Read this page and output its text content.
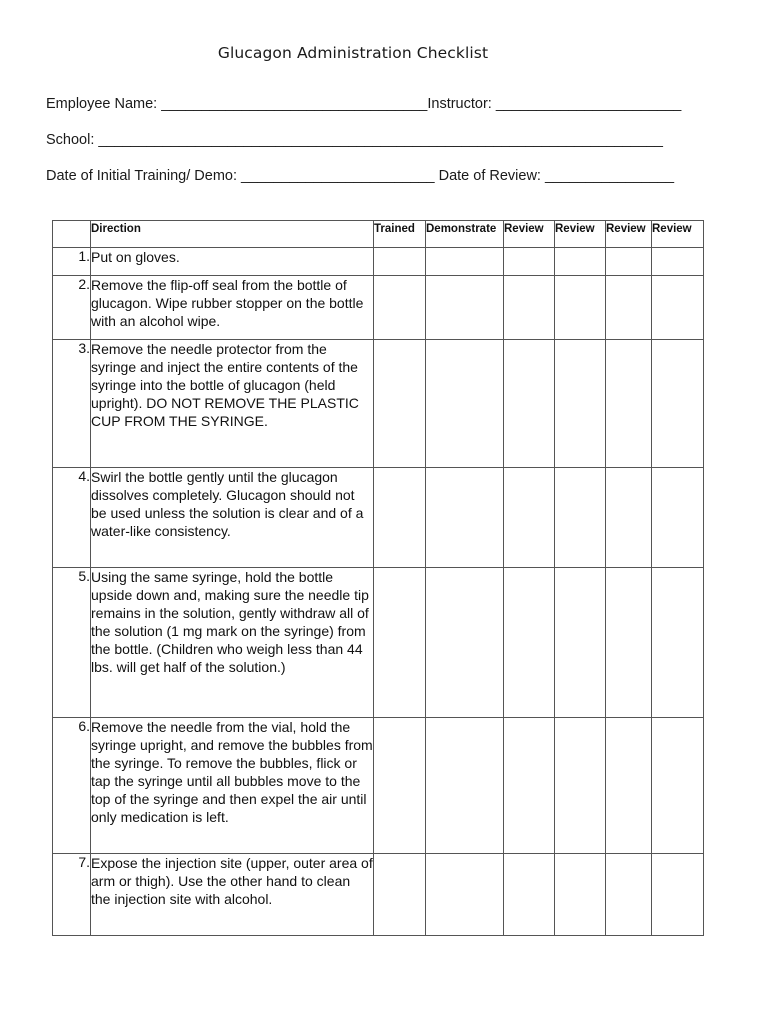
Glucagon Administration Checklist
Employee Name: _________________________________Instructor: _______________________
School: ______________________________________________________________________
Date of Initial Training/ Demo: ________________________ Date of Review: ________________
	Direction	Trained	Demonstrate	Review	Review	Review	Review
1.	Put on gloves.						
2.	Remove the flip-off seal from the bottle of glucagon. Wipe rubber stopper on the bottle with an alcohol wipe.						
3.	Remove the needle protector from the syringe and inject the entire contents of the syringe into the bottle of glucagon (held upright). DO NOT REMOVE THE PLASTIC CUP FROM THE SYRINGE.						
4.	Swirl the bottle gently until the glucagon dissolves completely. Glucagon should not be used unless the solution is clear and of a water-like consistency.						
5.	Using the same syringe, hold the bottle upside down and, making sure the needle tip remains in the solution, gently withdraw all of the solution (1 mg mark on the syringe) from the bottle. (Children who weigh less than 44 lbs. will get half of the solution.)						
6.	Remove the needle from the vial, hold the syringe upright, and remove the bubbles from the syringe. To remove the bubbles, flick or tap the syringe until all bubbles move to the top of the syringe and then expel the air until only medication is left.						
7.	Expose the injection site (upper, outer area of arm or thigh). Use the other hand to clean the injection site with alcohol.						
